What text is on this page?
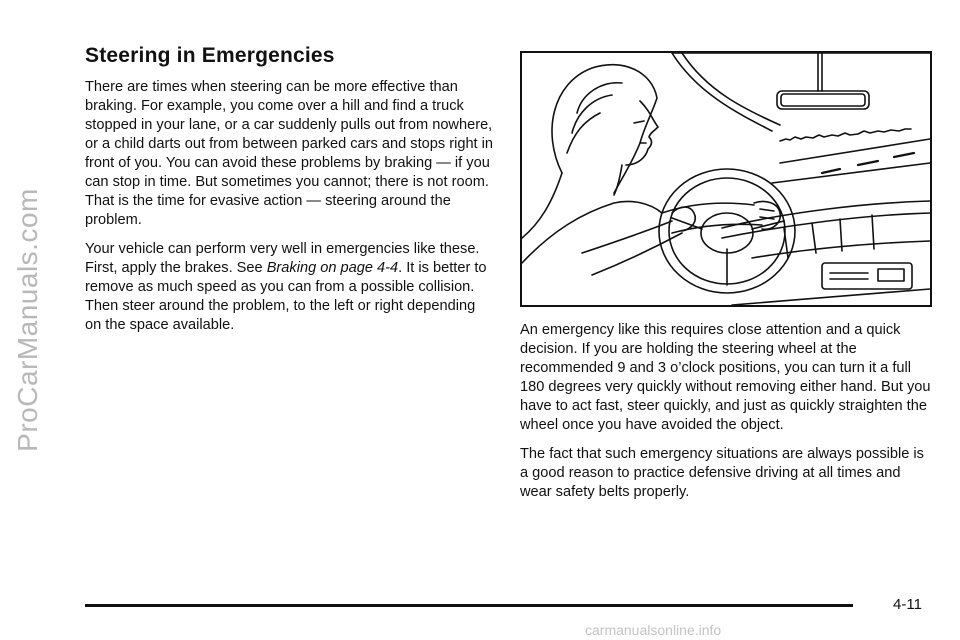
ProCarManuals.com
Steering in Emergencies

There are times when steering can be more effective than braking. For example, you come over a hill and find a truck stopped in your lane, or a car suddenly pulls out from nowhere, or a child darts out from between parked cars and stops right in front of you. You can avoid these problems by braking — if you can stop in time. But sometimes you cannot; there is not room. That is the time for evasive action — steering around the problem.

Your vehicle can perform very well in emergencies like these. First, apply the brakes. See Braking on page 4-4. It is better to remove as much speed as you can from a possible collision. Then steer around the problem, to the left or right depending on the space available.	An emergency like this requires close attention and a quick decision. If you are holding the steering wheel at the recommended 9 and 3 o’clock positions, you can turn it a full 180 degrees very quickly without removing either hand. But you have to act fast, steer quickly, and just as quickly straighten the wheel once you have avoided the object.

The fact that such emergency situations are always possible is a good reason to practice defensive driving at all times and wear safety belts properly.

4-11
carmanualsonline.info
